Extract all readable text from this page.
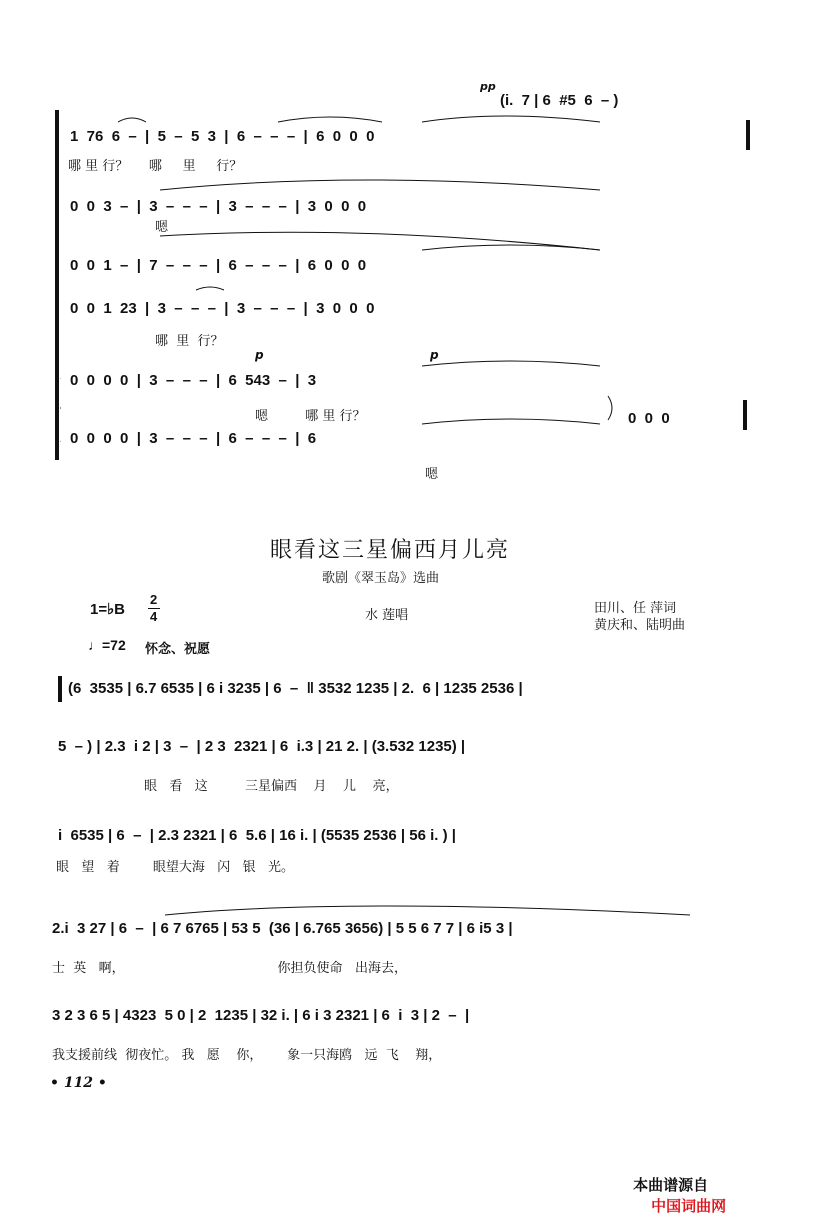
pp
(i.  7 | 6  #5  6  – )
1  76  6  –  |  5  –  5  3  |  6  –  –  –  |  6  0  0  0
哪 里 行？     哪     里     行？
0  0  3  –  |  3  –  –  –  |  3  –  –  –  |  3  0  0  0
嗯
0  0  1  –  |  7  –  –  –  |  6  –  –  –  |  6  0  0  0
0  0  1  23  |  3  –  –  –  |  3  –  –  –  |  3  0  0  0
哪  里  行？
p	p
0  0  0  0  |  3  –  –  –  |  6  543  –  |  3
嗯         哪 里 行？
0  0  0  0  |  3  –  –  –  |  6  –  –  –  |  6
嗯
0  0  0
眼看这三星偏西月儿亮
歌剧《翠玉岛》选曲
1=♭B
2
4	水 莲唱	田川、任 萍词
黄庆和、陆明曲
♩=72 怀念、祝愿
(6  3535 | 6.7 6535 | 6 i 3235 | 6  –  ‖ 3532 1235 | 2.  6 | 1235 2536 |
5  – ) | 2.3  i 2 | 3  –  | 2 3  2321 | 6  i.3 | 21 2. | (3.532 1235) |
眼   看   这         三星偏西    月    儿    亮，
i  6535 | 6  –  | 2.3 2321 | 6  5.6 | 16 i. | (5535 2536 | 56 i. ) |
眼   望   着        眼望大海   闪   银   光。
2.i  3 27 | 6  –  | 6 7 6765 | 53 5  (36 | 6.765 3656) | 5 5 6 7 7 | 6 i5 3 |
士  英   啊，                                     你担负使命   出海去，
3 2 3 6 5 | 4323  5 0 | 2  1235 | 32 i. | 6 i 3 2321 | 6  i  3 | 2  –  |
我支援前线  彻夜忙。 我   愿    你，      象一只海鸥   远  飞    翔，
• 112 •

本曲谱源自
中国词曲网
